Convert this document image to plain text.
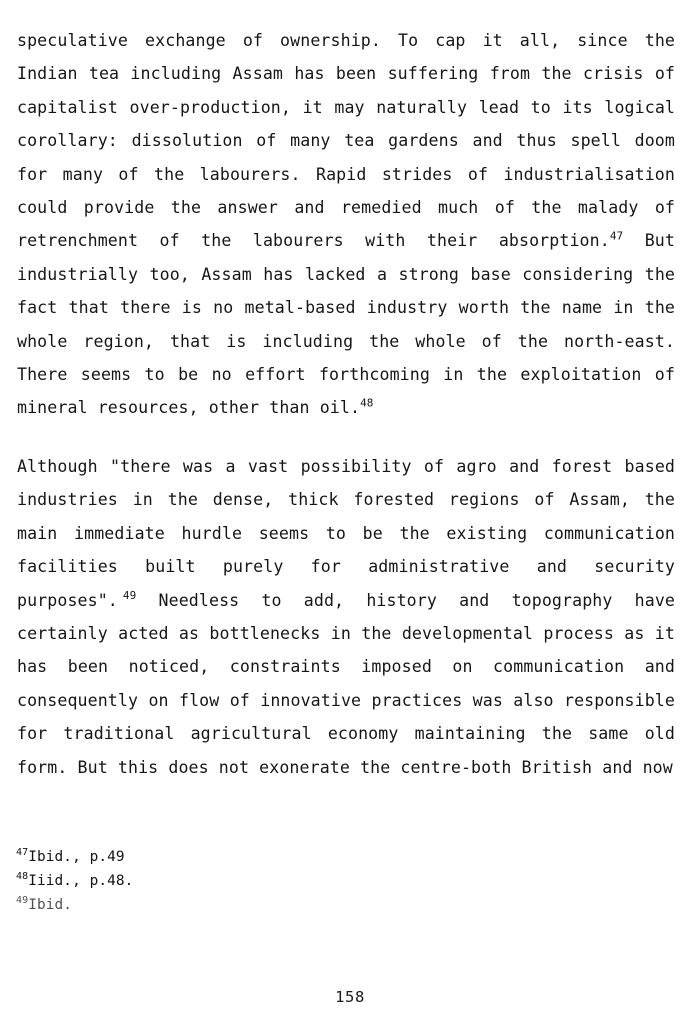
speculative exchange of ownership. To cap it all, since the Indian tea including Assam has been suffering from the crisis of capitalist over-production, it may naturally lead to its logical corollary: dissolution of many tea gardens and thus spell doom for many of the labourers. Rapid strides of industrialisation could provide the answer and remedied much of the malady of retrenchment of the labourers with their absorption.$^{47}$ But industrially too, Assam has lacked a strong base considering the fact that there is no metal-based industry worth the name in the whole region, that is including the whole of the north-east. There seems to be no effort forthcoming in the exploitation of mineral resources, other than oil.$^{48}$

Although "there was a vast possibility of agro and forest based industries in the dense, thick forested regions of Assam, the main immediate hurdle seems to be the existing communication facilities built purely for administrative and security purposes". $^{49}$ Needless to add, history and topography have certainly acted as bottlenecks in the developmental process as it has been noticed, constraints imposed on communication and consequently on flow of innovative practices was also responsible for traditional agricultural economy maintaining the same old form. But this does not exonerate the centre-both British and now

$^{47}$Ibid., p.49
$^{48}$Iiid., p.48.
$^{49}$Ibid.
158
